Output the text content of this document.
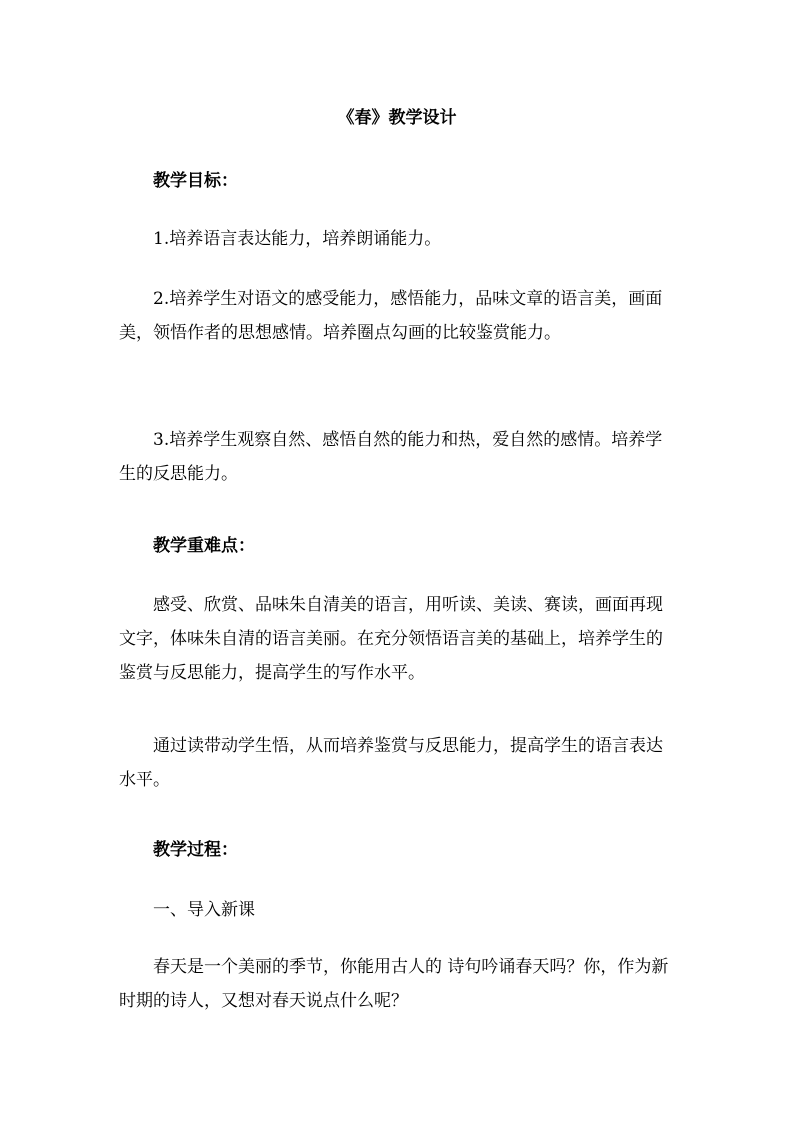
《春》教学设计

教学目标：

1.培养语言表达能力，培养朗诵能力。

2.培养学生对语文的感受能力，感悟能力，品味文章的语言美，画面美，领悟作者的思想感情。培养圈点勾画的比较鉴赏能力。

3.培养学生观察自然、感悟自然的能力和热，爱自然的感情。培养学生的反思能力。

教学重难点：

感受、欣赏、品味朱自清美的语言，用听读、美读、赛读，画面再现文字，体味朱自清的语言美丽。在充分领悟语言美的基础上，培养学生的鉴赏与反思能力，提高学生的写作水平。

通过读带动学生悟，从而培养鉴赏与反思能力，提高学生的语言表达水平。

教学过程：

一、导入新课

春天是一个美丽的季节，你能用古人的 诗句吟诵春天吗？你，作为新时期的诗人，又想对春天说点什么呢？
